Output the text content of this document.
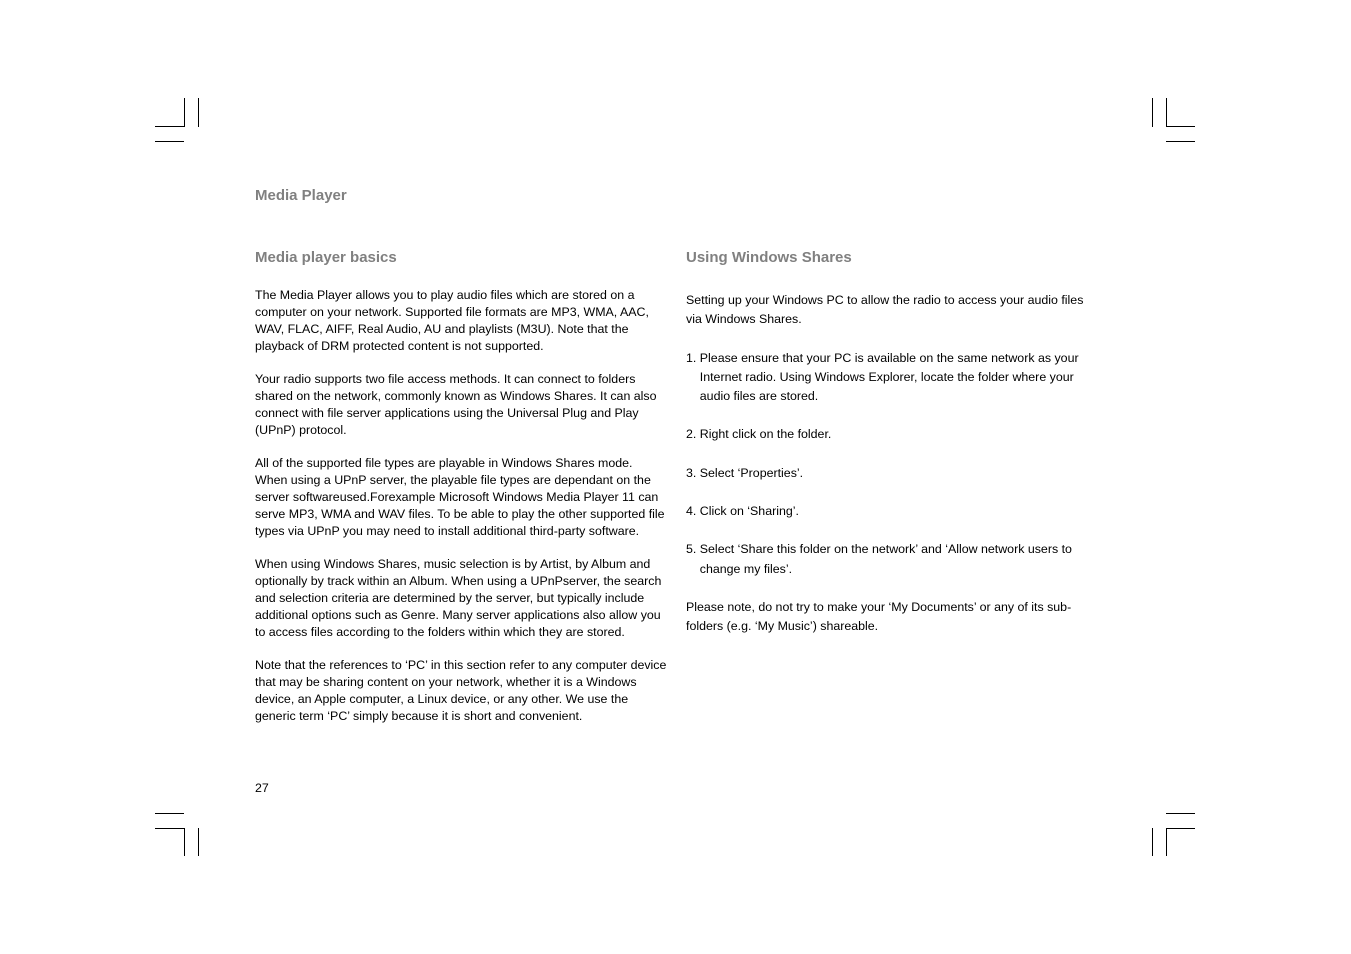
Media Player
Media player basics	Using Windows Shares

The Media Player allows you to play audio files which are stored on a computer on your network. Supported file formats are MP3, WMA, AAC, WAV, FLAC, AIFF, Real Audio, AU and playlists (M3U). Note that the playback of DRM protected content is not supported.

Your radio supports two file access methods. It can connect to folders shared on the network, commonly known as Windows Shares. It can also connect with file server applications using the Universal Plug and Play (UPnP) protocol.

All of the supported file types are playable in Windows Shares mode. When using a UPnP server, the playable file types are dependant on the server softwareused.Forexample Microsoft Windows Media Player 11 can serve MP3, WMA and WAV files. To be able to play the other supported file types via UPnP you may need to install additional third-party software.

When using Windows Shares, music selection is by Artist, by Album and optionally by track within an Album. When using a UPnPserver, the search and selection criteria are determined by the server, but typically include additional options such as Genre. Many server applications also allow you to access files according to the folders within which they are stored.

Note that the references to ‘PC’ in this section refer to any computer device that may be sharing content on your network, whether it is a Windows device, an Apple computer, a Linux device, or any other. We use the generic term ‘PC’ simply because it is short and convenient.

Setting up your Windows PC to allow the radio to access your audio files via Windows Shares.

1. Please ensure that your PC is available on the same network as your Internet radio. Using Windows Explorer, locate the folder where your audio files are stored.

2. Right click on the folder.

3. Select ‘Properties’.

4. Click on ‘Sharing’.

5. Select ‘Share this folder on the network’ and ‘Allow network users to change my files’.

Please note, do not try to make your ‘My Documents’ or any of its sub-folders (e.g. ‘My Music’) shareable.

27
